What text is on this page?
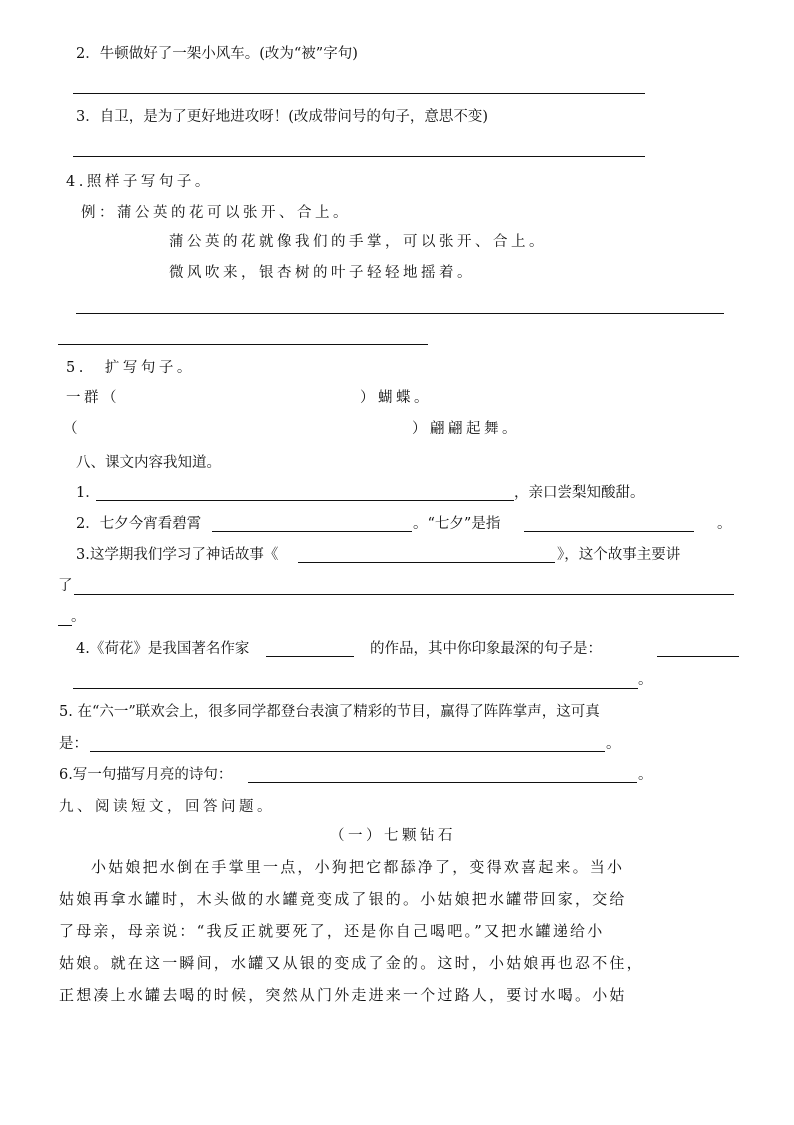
2．牛顿做好了一架小风车。(改为“被”字句)
3．自卫，是为了更好地进攻呀！(改成带问号的句子，意思不变)
4.照样子写句子。
例：蒲公英的花可以张开、合上。
蒲公英的花就像我们的手掌，可以张开、合上。
微风吹来，银杏树的叶子轻轻地摇着。
5.　扩写句子。
一群（	）蝴蝶。
（	）翩翩起舞。
八、课文内容我知道。
1．	，亲口尝梨知酸甜。
2．七夕今宵看碧霄	。“七夕”是指	。
3.这学期我们学习了神话故事《	》，这个故事主要讲
了
。
4.《荷花》是我国著名作家	的作品，其中你印象最深的句子是：
。
5. 在“六一”联欢会上，很多同学都登台表演了精彩的节目，赢得了阵阵掌声，这可真
是：	。
6.写一句描写月亮的诗句：	。
九、阅读短文，回答问题。
（一）七颗钻石
小姑娘把水倒在手掌里一点，小狗把它都舔净了，变得欢喜起来。当小
姑娘再拿水罐时，木头做的水罐竟变成了银的。小姑娘把水罐带回家，交给
了母亲，母亲说：“我反正就要死了，还是你自己喝吧。”又把水罐递给小
姑娘。就在这一瞬间，水罐又从银的变成了金的。这时，小姑娘再也忍不住，
正想凑上水罐去喝的时候，突然从门外走进来一个过路人，要讨水喝。小姑
